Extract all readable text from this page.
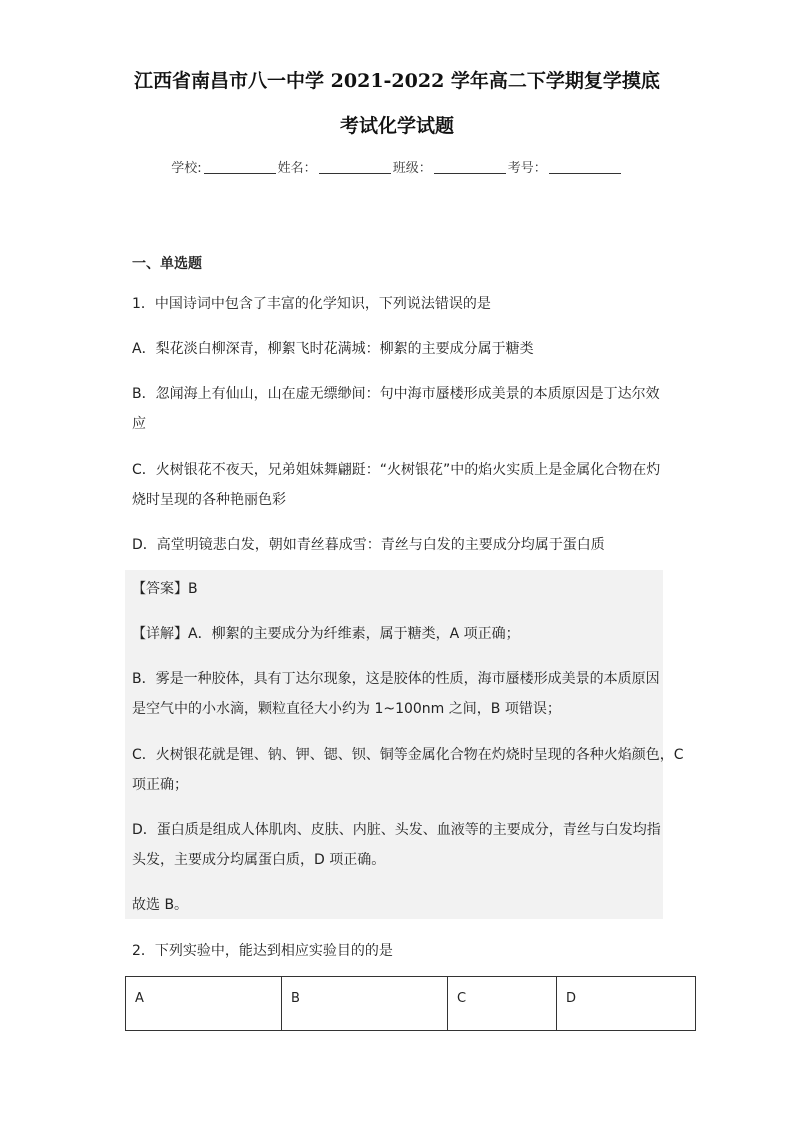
江西省南昌市八一中学 2021-2022 学年高二下学期复学摸底
考试化学试题
学校:	姓名：	班级：	考号：
一、单选题
1．中国诗词中包含了丰富的化学知识，下列说法错误的是
A．梨花淡白柳深青，柳絮飞时花满城：柳絮的主要成分属于糖类
B．忽闻海上有仙山，山在虚无缥缈间：句中海市蜃楼形成美景的本质原因是丁达尔效
应
C．火树银花不夜天，兄弟姐妹舞翩跹：“火树银花”中的焰火实质上是金属化合物在灼
烧时呈现的各种艳丽色彩
D．高堂明镜悲白发，朝如青丝暮成雪：青丝与白发的主要成分均属于蛋白质
【答案】B
【详解】A．柳絮的主要成分为纤维素，属于糖类，A 项正确；
B．雾是一种胶体，具有丁达尔现象，这是胶体的性质，海市蜃楼形成美景的本质原因
是空气中的小水滴，颗粒直径大小约为 1~100nm 之间，B 项错误；
C．火树银花就是锂、钠、钾、锶、钡、铜等金属化合物在灼烧时呈现的各种火焰颜色，C
项正确；
D．蛋白质是组成人体肌肉、皮肤、内脏、头发、血液等的主要成分，青丝与白发均指
头发，主要成分均属蛋白质，D 项正确。
故选 B。
2．下列实验中，能达到相应实验目的的是
A	B	C	D
